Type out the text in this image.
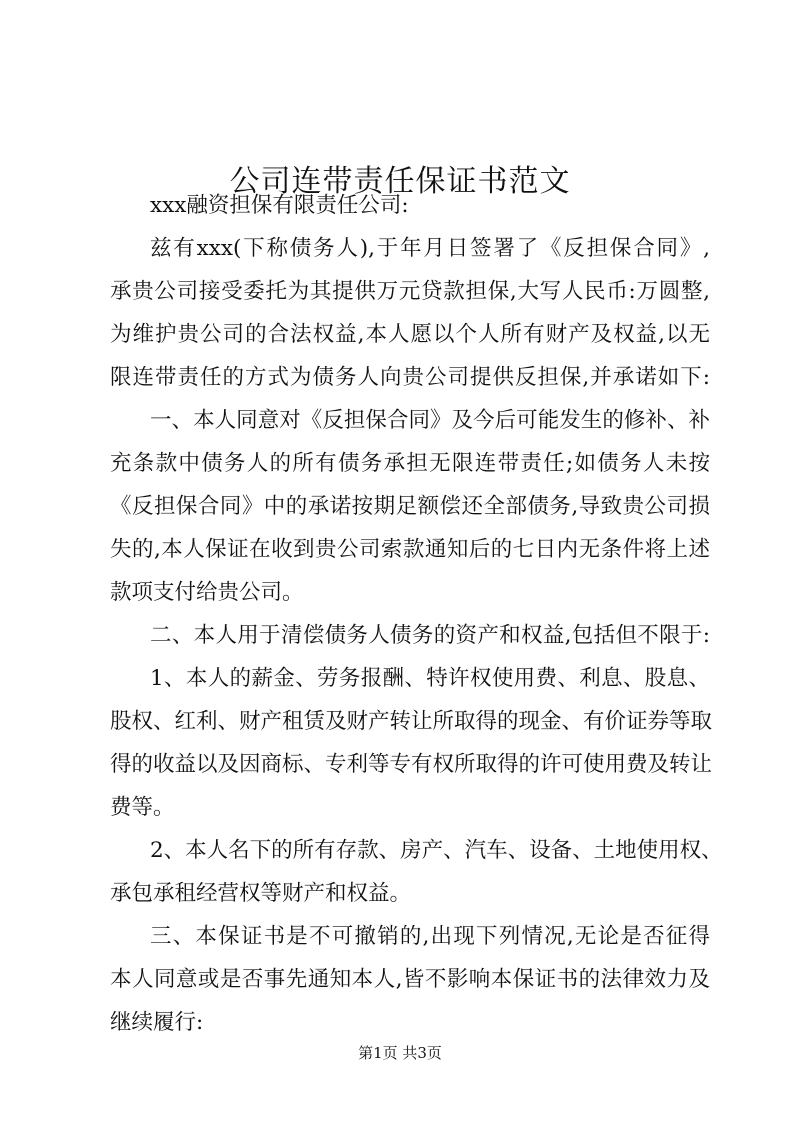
公司连带责任保证书范文
xxx融资担保有限责任公司:
兹有xxx(下称债务人),于年月日签署了《反担保合同》,
承贵公司接受委托为其提供万元贷款担保,大写人民币:万圆整,
为维护贵公司的合法权益,本人愿以个人所有财产及权益,以无
限连带责任的方式为债务人向贵公司提供反担保,并承诺如下:
一、本人同意对《反担保合同》及今后可能发生的修补、补
充条款中债务人的所有债务承担无限连带责任;如债务人未按
《反担保合同》中的承诺按期足额偿还全部债务,导致贵公司损
失的,本人保证在收到贵公司索款通知后的七日内无条件将上述
款项支付给贵公司。
二、本人用于清偿债务人债务的资产和权益,包括但不限于:
1、本人的薪金、劳务报酬、特许权使用费、利息、股息、
股权、红利、财产租赁及财产转让所取得的现金、有价证券等取
得的收益以及因商标、专利等专有权所取得的许可使用费及转让
费等。
2、本人名下的所有存款、房产、汽车、设备、土地使用权、
承包承租经营权等财产和权益。
三、本保证书是不可撤销的,出现下列情况,无论是否征得
本人同意或是否事先通知本人,皆不影响本保证书的法律效力及
继续履行:
第1页 共3页
